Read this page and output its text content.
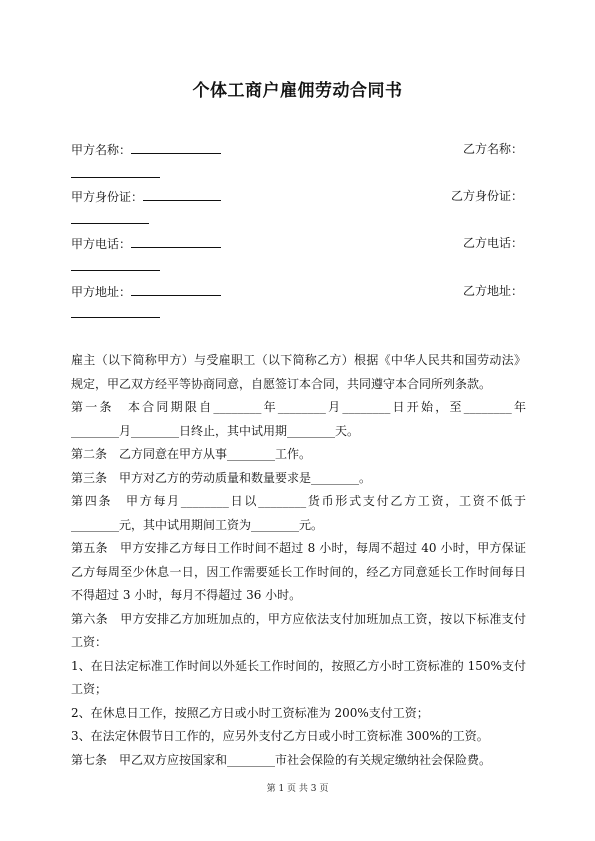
个体工商户雇佣劳动合同书
甲方名称：	乙方名称：
甲方身份证：	乙方身份证：
甲方电话：	乙方电话：
甲方地址：	乙方地址：

雇主（以下简称甲方）与受雇职工（以下简称乙方）根据《中华人民共和国劳动法》规定，甲乙双方经平等协商同意，自愿签订本合同，共同遵守本合同所列条款。

第一条　本合同期限自________年________月________日开始，至________年________月________日终止，其中试用期________天。

第二条　乙方同意在甲方从事________工作。

第三条　甲方对乙方的劳动质量和数量要求是________。

第四条　甲方每月________日以________货币形式支付乙方工资，工资不低于________元，其中试用期间工资为________元。

第五条　甲方安排乙方每日工作时间不超过 8 小时，每周不超过 40 小时，甲方保证乙方每周至少休息一日，因工作需要延长工作时间的，经乙方同意延长工作时间每日不得超过 3 小时，每月不得超过 36 小时。

第六条　甲方安排乙方加班加点的，甲方应依法支付加班加点工资，按以下标准支付工资：

1、在日法定标准工作时间以外延长工作时间的，按照乙方小时工资标准的 150%支付工资；

2、在休息日工作，按照乙方日或小时工资标准为 200%支付工资；

3、在法定休假节日工作的，应另外支付乙方日或小时工资标准 300%的工资。

第七条　甲乙双方应按国家和________市社会保险的有关规定缴纳社会保险费。

第 1 页 共 3 页
